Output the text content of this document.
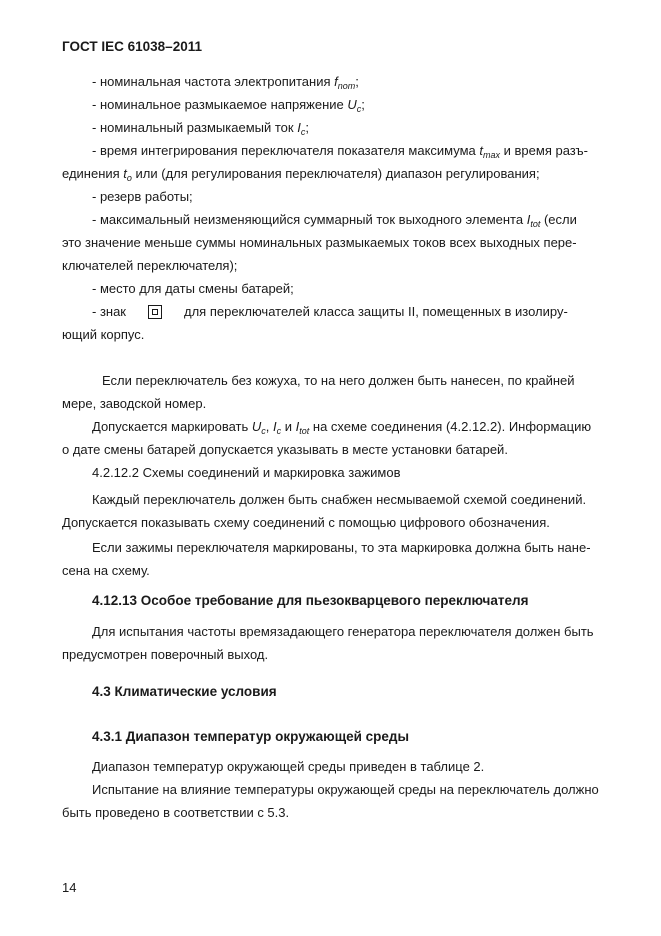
ГОСТ IEC 61038–2011
- номинальная частота электропитания $f_{nom}$;
- номинальное размыкаемое напряжение $U_c$;
- номинальный размыкаемый ток $I_c$;
- время интегрирования переключателя показателя максимума $t_{max}$ и время разъ-
единения $t_o$ или (для регулирования переключателя) диапазон регулирования;
- резерв работы;
- максимальный неизменяющийся суммарный ток выходного элемента $I_{tot}$ (если
это значение меньше суммы номинальных размыкаемых токов всех выходных пере-
ключателей переключателя);
- место для даты смены батарей;
- знак	для переключателей класса защиты II, помещенных в изолиру-
ющий корпус.
Если переключатель без кожуха, то на него должен быть нанесен, по крайней
мере, заводской номер.
Допускается маркировать $U_c$, $I_c$ и $I_{tot}$ на схеме соединения (4.2.12.2). Информацию
о дате смены батарей допускается указывать в месте установки батарей.
4.2.12.2 Схемы соединений и маркировка зажимов
Каждый переключатель должен быть снабжен несмываемой схемой соединений.
Допускается показывать схему соединений с помощью цифрового обозначения.
Если зажимы переключателя маркированы, то эта маркировка должна быть нане-
сена на схему.
4.12.13 Особое требование для пьезокварцевого переключателя
Для испытания частоты времязадающего генератора переключателя должен быть
предусмотрен поверочный выход.
4.3 Климатические условия
4.3.1 Диапазон температур окружающей среды
Диапазон температур окружающей среды приведен в таблице 2.
Испытание на влияние температуры окружающей среды на переключатель должно
быть проведено в соответствии с 5.3.
14
